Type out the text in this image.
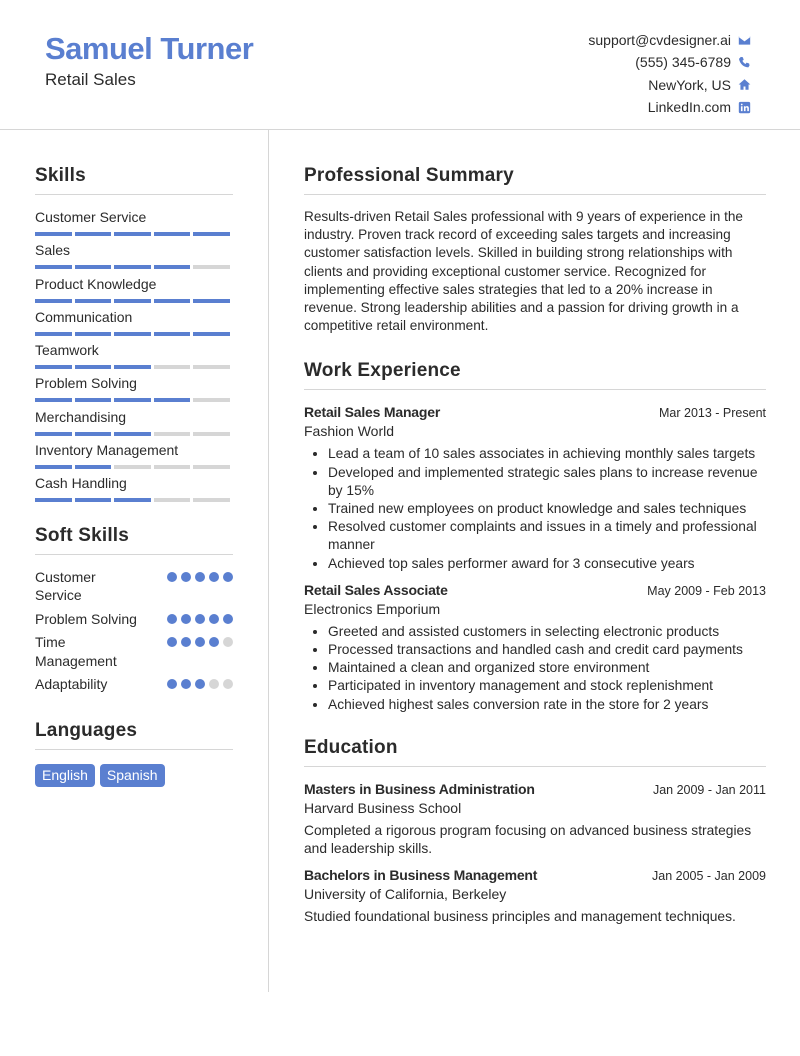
Samuel Turner
Retail Sales
support@cvdesigner.ai
(555) 345-6789
NewYork, US
LinkedIn.com
Skills
Customer Service
Sales
Product Knowledge
Communication
Teamwork
Problem Solving
Merchandising
Inventory Management
Cash Handling
Soft Skills
Customer Service
Problem Solving
Time Management
Adaptability
Languages
English	Spanish
Professional Summary
Results-driven Retail Sales professional with 9 years of experience in the industry. Proven track record of exceeding sales targets and increasing customer satisfaction levels. Skilled in building strong relationships with clients and providing exceptional customer service. Recognized for implementing effective sales strategies that led to a 20% increase in revenue. Strong leadership abilities and a passion for driving growth in a competitive retail environment.
Work Experience
Retail Sales Manager	Mar 2013 - Present
Fashion World
• Lead a team of 10 sales associates in achieving monthly sales targets
• Developed and implemented strategic sales plans to increase revenue by 15%
• Trained new employees on product knowledge and sales techniques
• Resolved customer complaints and issues in a timely and professional manner
• Achieved top sales performer award for 3 consecutive years
Retail Sales Associate	May 2009 - Feb 2013
Electronics Emporium
• Greeted and assisted customers in selecting electronic products
• Processed transactions and handled cash and credit card payments
• Maintained a clean and organized store environment
• Participated in inventory management and stock replenishment
• Achieved highest sales conversion rate in the store for 2 years
Education
Masters in Business Administration	Jan 2009 - Jan 2011
Harvard Business School
Completed a rigorous program focusing on advanced business strategies and leadership skills.
Bachelors in Business Management	Jan 2005 - Jan 2009
University of California, Berkeley
Studied foundational business principles and management techniques.
